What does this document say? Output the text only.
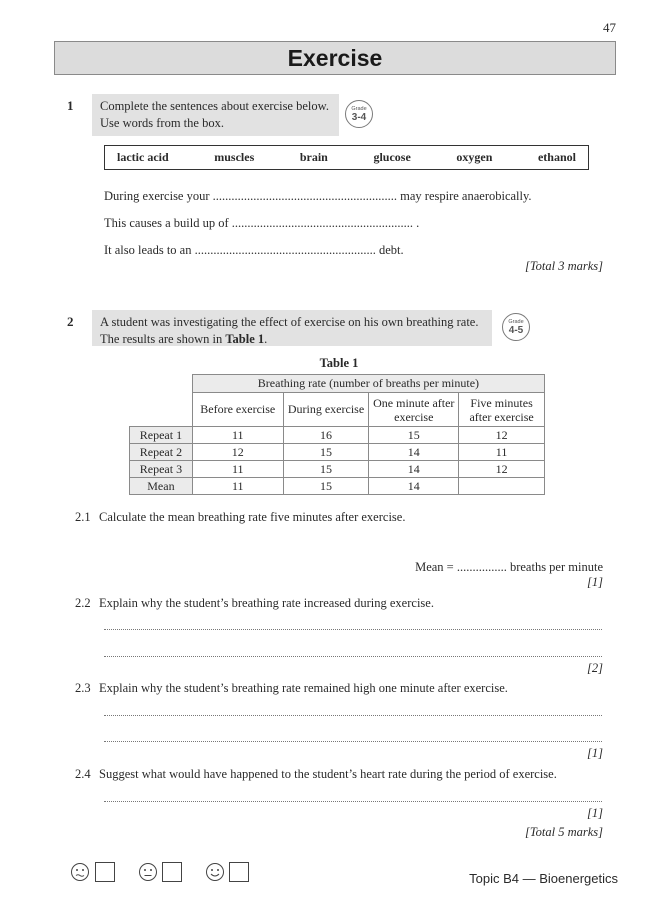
47
Exercise
1 Complete the sentences about exercise below.
Use words from the box.
Grade
3-4
lactic acid	muscles	brain	glucose	oxygen	ethanol
During exercise your ........................................................... may respire anaerobically.
This causes a build up of .......................................................... .
It also leads to an .......................................................... debt.
[Total 3 marks]
2 A student was investigating the effect of exercise on his own breathing rate.
The results are shown in Table 1.
Grade
4-5
Table 1
	Breathing rate (number of breaths per minute)			
	Before exercise	During exercise	One minute after exercise	Five minutes after exercise
Repeat 1	11	16	15	12
Repeat 2	12	15	14	11
Repeat 3	11	15	14	12
Mean	11	15	14	
2.1 Calculate the mean breathing rate five minutes after exercise.
Mean = ................ breaths per minute
[1]
2.2 Explain why the student’s breathing rate increased during exercise.
[2]
2.3 Explain why the student’s breathing rate remained high one minute after exercise.
[1]
2.4 Suggest what would have happened to the student’s heart rate during the period of exercise.
[1]
[Total 5 marks]
Topic B4 — Bioenergetics
